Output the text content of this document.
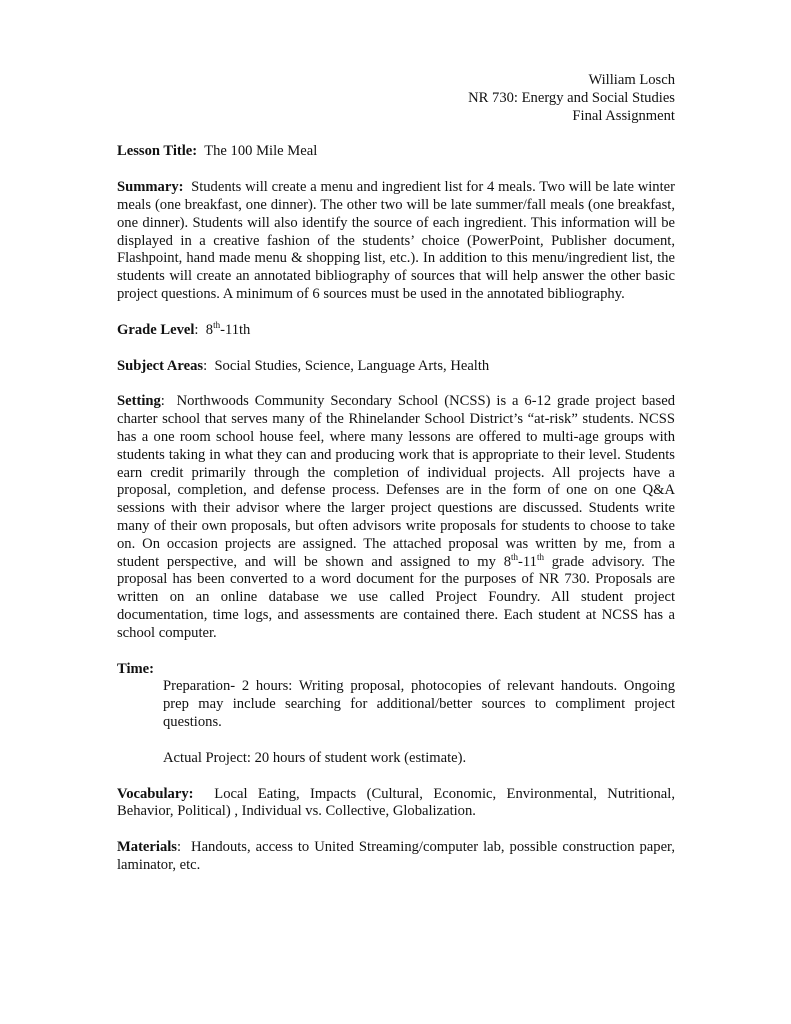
William Losch
NR 730: Energy and Social Studies
Final Assignment

Lesson Title: The 100 Mile Meal

Summary: Students will create a menu and ingredient list for 4 meals. Two will be late winter meals (one breakfast, one dinner). The other two will be late summer/fall meals (one breakfast, one dinner). Students will also identify the source of each ingredient. This information will be displayed in a creative fashion of the students’ choice (PowerPoint, Publisher document, Flashpoint, hand made menu & shopping list, etc.). In addition to this menu/ingredient list, the students will create an annotated bibliography of sources that will help answer the other basic project questions. A minimum of 6 sources must be used in the annotated bibliography.

Grade Level:  8th-11th

Subject Areas:  Social Studies, Science, Language Arts, Health

Setting:  Northwoods Community Secondary School (NCSS) is a 6-12 grade project based charter school that serves many of the Rhinelander School District’s “at-risk” students. NCSS has a one room school house feel, where many lessons are offered to multi-age groups with students taking in what they can and producing work that is appropriate to their level. Students earn credit primarily through the completion of individual projects. All projects have a proposal, completion, and defense process. Defenses are in the form of one on one Q&A sessions with their advisor where the larger project questions are discussed. Students write many of their own proposals, but often advisors write proposals for students to choose to take on. On occasion projects are assigned. The attached proposal was written by me, from a student perspective, and will be shown and assigned to my 8th-11th grade advisory. The proposal has been converted to a word document for the purposes of NR 730. Proposals are written on an online database we use called Project Foundry. All student project documentation, time logs, and assessments are contained there. Each student at NCSS has a school computer.

Time:

Preparation- 2 hours: Writing proposal, photocopies of relevant handouts. Ongoing prep may include searching for additional/better sources to compliment project questions.

Actual Project: 20 hours of student work (estimate).

Vocabulary: Local Eating, Impacts (Cultural, Economic, Environmental, Nutritional, Behavior, Political) , Individual vs. Collective, Globalization.

Materials:  Handouts, access to United Streaming/computer lab, possible construction paper, laminator, etc.
